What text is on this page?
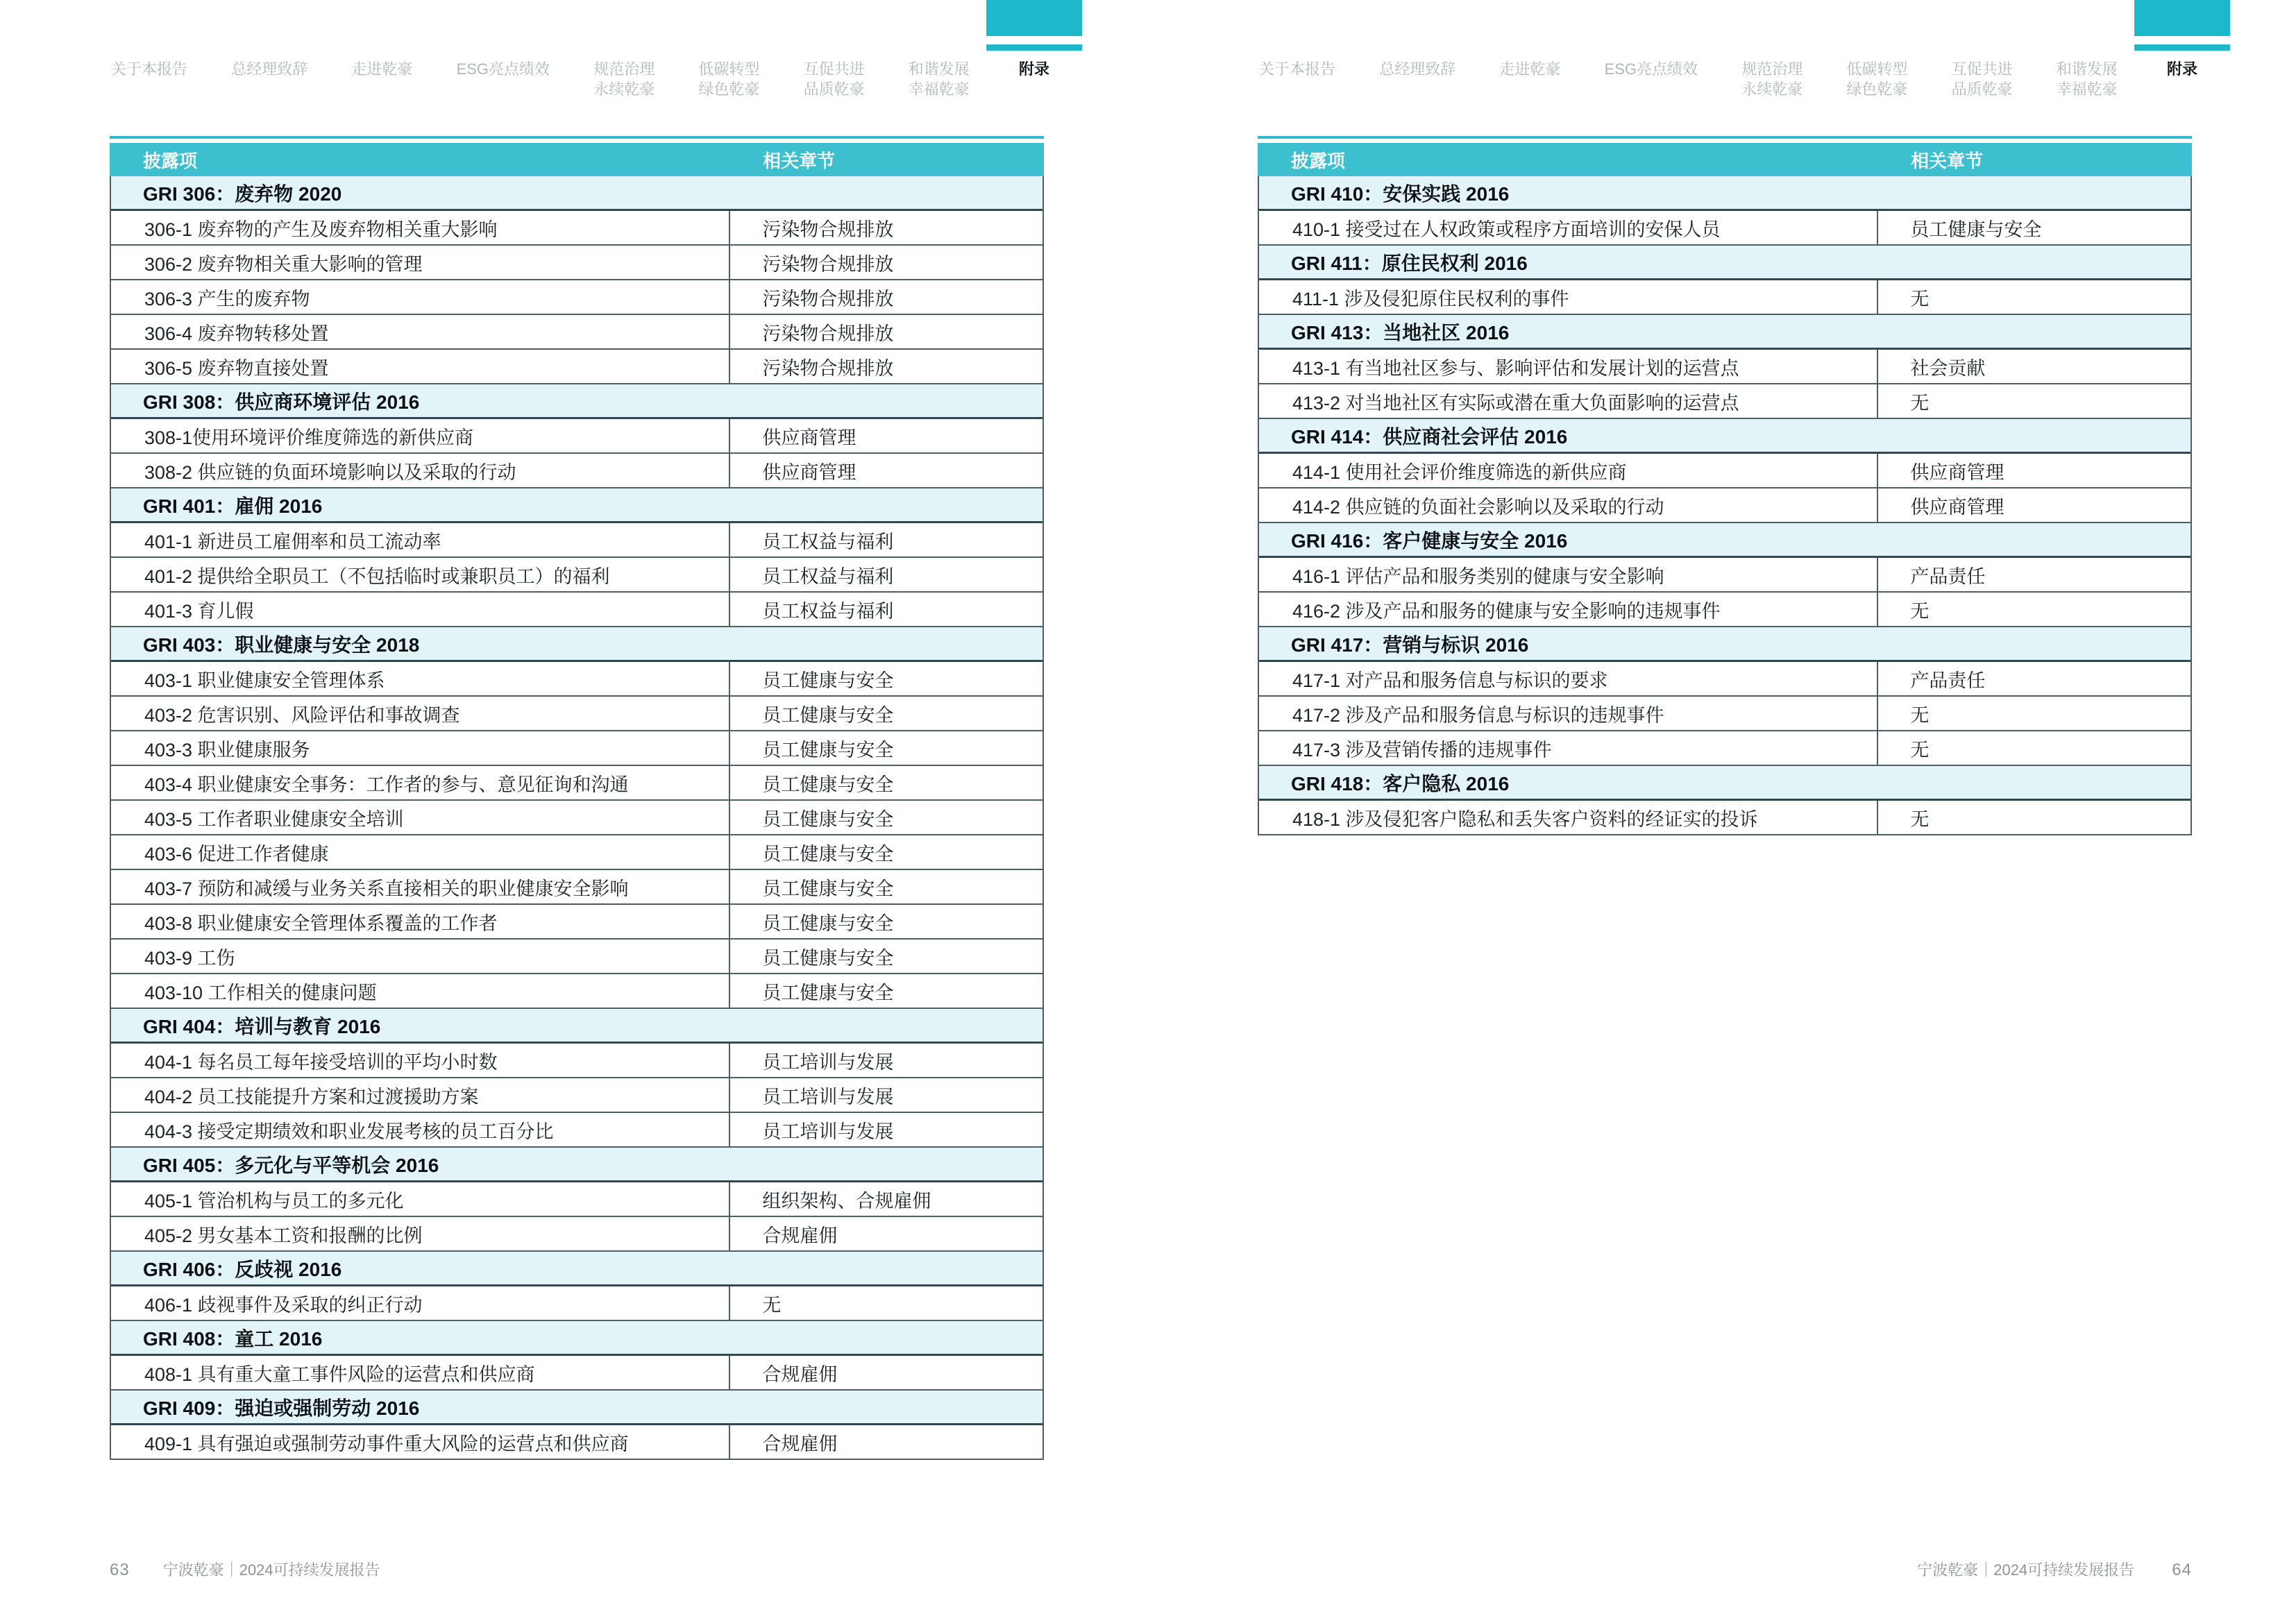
关于本报告	总经理致辞	走进乾豪	ESG亮点绩效	规范治理
永续乾豪
低碳转型
绿色乾豪
互促共进
品质乾豪
和谐发展
幸福乾豪
附录
披露项	相关章节
GRI 306：废弃物 2020
306-1 废弃物的产生及废弃物相关重大影响	污染物合规排放
306-2 废弃物相关重大影响的管理	污染物合规排放
306-3 产生的废弃物	污染物合规排放
306-4 废弃物转移处置	污染物合规排放
306-5 废弃物直接处置	污染物合规排放
GRI 308：供应商环境评估 2016
308-1使用环境评价维度筛选的新供应商	供应商管理
308-2 供应链的负面环境影响以及采取的行动	供应商管理
GRI 401：雇佣 2016
401-1 新进员工雇佣率和员工流动率	员工权益与福利
401-2 提供给全职员工（不包括临时或兼职员工）的福利	员工权益与福利
401-3 育儿假	员工权益与福利
GRI 403：职业健康与安全 2018
403-1 职业健康安全管理体系	员工健康与安全
403-2 危害识别、风险评估和事故调查	员工健康与安全
403-3 职业健康服务	员工健康与安全
403-4 职业健康安全事务：工作者的参与、意见征询和沟通	员工健康与安全
403-5 工作者职业健康安全培训	员工健康与安全
403-6 促进工作者健康	员工健康与安全
403-7 预防和减缓与业务关系直接相关的职业健康安全影响	员工健康与安全
403-8 职业健康安全管理体系覆盖的工作者	员工健康与安全
403-9 工伤	员工健康与安全
403-10 工作相关的健康问题	员工健康与安全
GRI 404：培训与教育 2016
404-1 每名员工每年接受培训的平均小时数	员工培训与发展
404-2 员工技能提升方案和过渡援助方案	员工培训与发展
404-3 接受定期绩效和职业发展考核的员工百分比	员工培训与发展
GRI 405：多元化与平等机会 2016
405-1 管治机构与员工的多元化	组织架构、合规雇佣
405-2 男女基本工资和报酬的比例	合规雇佣
GRI 406：反歧视 2016
406-1 歧视事件及采取的纠正行动	无
GRI 408：童工 2016
408-1 具有重大童工事件风险的运营点和供应商	合规雇佣
GRI 409：强迫或强制劳动 2016
409-1 具有强迫或强制劳动事件重大风险的运营点和供应商	合规雇佣
63 宁波乾豪｜2024可持续发展报告
关于本报告	总经理致辞	走进乾豪	ESG亮点绩效	规范治理
永续乾豪
低碳转型
绿色乾豪
互促共进
品质乾豪
和谐发展
幸福乾豪
附录
披露项	相关章节
GRI 410：安保实践 2016
410-1 接受过在人权政策或程序方面培训的安保人员	员工健康与安全
GRI 411：原住民权利 2016
411-1 涉及侵犯原住民权利的事件	无
GRI 413：当地社区 2016
413-1 有当地社区参与、影响评估和发展计划的运营点	社会贡献
413-2 对当地社区有实际或潜在重大负面影响的运营点	无
GRI 414：供应商社会评估 2016
414-1 使用社会评价维度筛选的新供应商	供应商管理
414-2 供应链的负面社会影响以及采取的行动	供应商管理
GRI 416：客户健康与安全 2016
416-1 评估产品和服务类别的健康与安全影响	产品责任
416-2 涉及产品和服务的健康与安全影响的违规事件	无
GRI 417：营销与标识 2016
417-1 对产品和服务信息与标识的要求	产品责任
417-2 涉及产品和服务信息与标识的违规事件	无
417-3 涉及营销传播的违规事件	无
GRI 418：客户隐私 2016
418-1 涉及侵犯客户隐私和丢失客户资料的经证实的投诉	无
宁波乾豪｜2024可持续发展报告 64
